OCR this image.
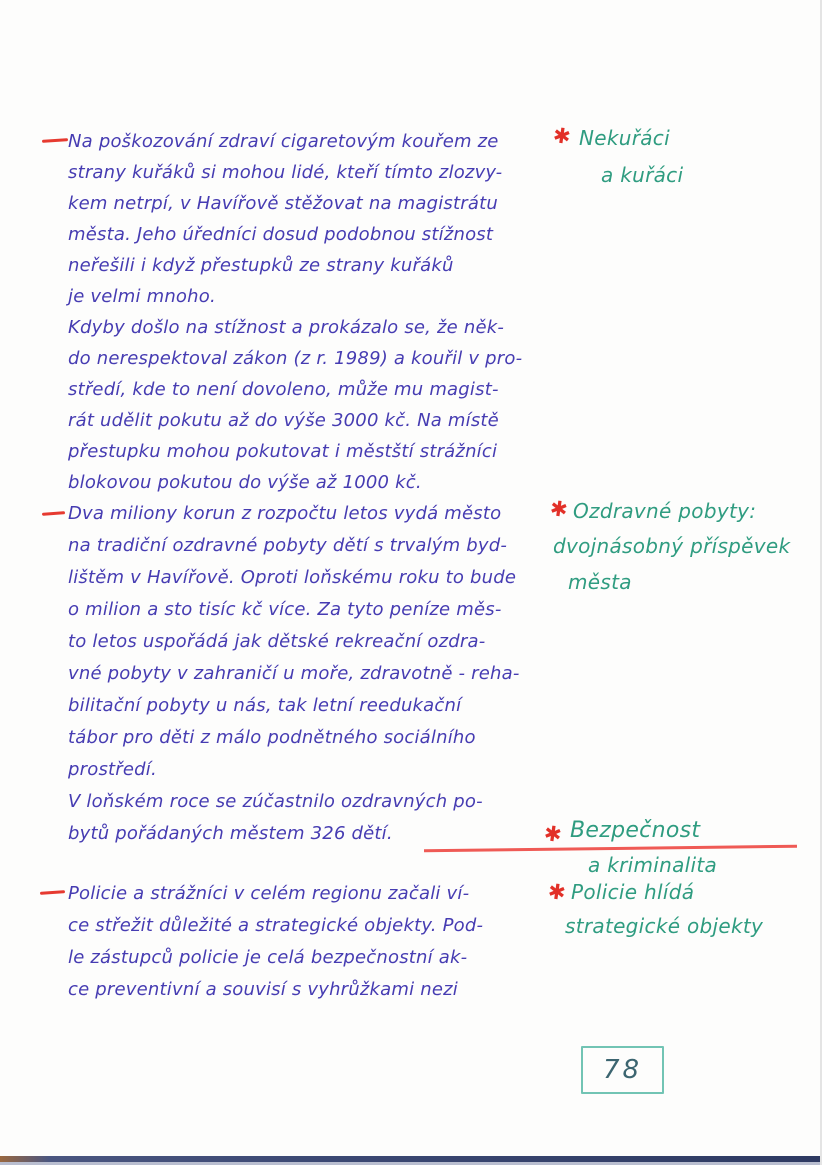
Na poškozování zdraví cigaretovým kouřem ze
strany kuřáků si mohou lidé, kteří tímto zlozvy-
kem netrpí, v Havířově stěžovat na magistrátu
města. Jeho úředníci dosud podobnou stížnost
neřešili i když přestupků ze strany kuřáků
je velmi mnoho.
Kdyby došlo na stížnost a prokázalo se, že něk-
do nerespektoval zákon (z r. 1989) a kouřil v pro-
středí, kde to není dovoleno, může mu magist-
rát udělit pokutu až do výše 3000 kč. Na místě
přestupku mohou pokutovat i městští strážníci
blokovou pokutou do výše až 1000 kč.
Dva miliony korun z rozpočtu letos vydá město
na tradiční ozdravné pobyty dětí s trvalým byd-
lištěm v Havířově. Oproti loňskému roku to bude
o milion a sto tisíc kč více. Za tyto peníze měs-
to letos uspořádá jak dětské rekreační ozdra-
vné pobyty v zahraničí u moře, zdravotně - reha-
bilitační pobyty u nás, tak letní reedukační
tábor pro děti z málo podnětného sociálního
prostředí.
V loňském roce se zúčastnilo ozdravných po-
bytů pořádaných městem 326 dětí.
Policie a strážníci v celém regionu začali ví-
ce střežit důležité a strategické objekty. Pod-
le zástupců policie je celá bezpečnostní ak-
ce preventivní a souvisí s vyhrůžkami nezi
✱ Nekuřáci
a kuřáci
✱ Ozdravné pobyty:
dvojnásobný příspěvek
města
✱ Bezpečnost
a kriminalita
✱ Policie hlídá
strategické objekty
78
